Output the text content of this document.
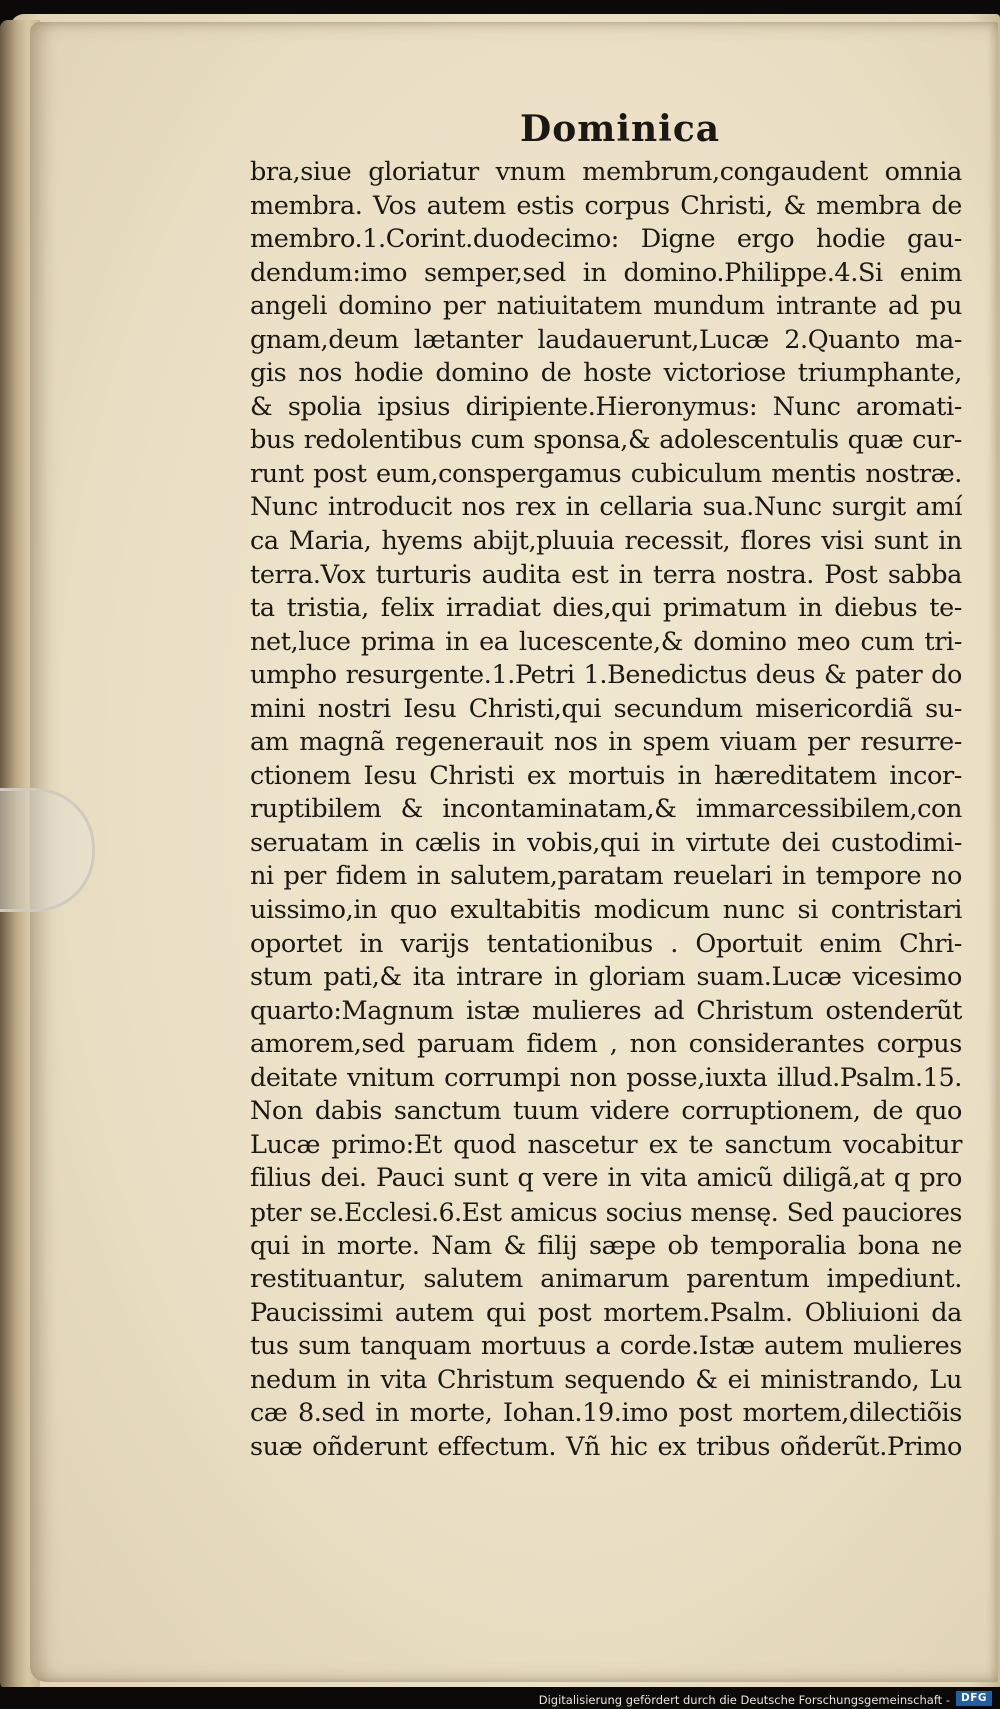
Dominica
bra,siue gloriatur vnum membrum,congaudent omnia
membra. Vos autem estis corpus Christi, & membra de
membro.1.Corint.duodecimo: Digne ergo hodie gau-
dendum:imo semper,sed in domino.Philippe.4.Si enim
angeli domino per natiuitatem mundum intrante ad pu
gnam,deum lætanter laudauerunt,Lucæ 2.Quanto ma-
gis nos hodie domino de hoste victoriose triumphante,
& spolia ipsius diripiente.Hieronymus: Nunc aromati-
bus redolentibus cum sponsa,& adolescentulis quæ cur-
runt post eum,conspergamus cubiculum mentis nostræ.
Nunc introducit nos rex in cellaria sua.Nunc surgit amí
ca Maria, hyems abijt,pluuia recessit, flores visi sunt in
terra.Vox turturis audita est in terra nostra. Post sabba
ta tristia, felix irradiat dies,qui primatum in diebus te-
net,luce prima in ea lucescente,& domino meo cum tri-
umpho resurgente.1.Petri 1.Benedictus deus & pater do
mini nostri Iesu Christi,qui secundum misericordiã su-
am magnã regenerauit nos in spem viuam per resurre-
ctionem Iesu Christi ex mortuis in hæreditatem incor-
ruptibilem & incontaminatam,& immarcessibilem,con
seruatam in cælis in vobis,qui in virtute dei custodimi-
ni per fidem in salutem,paratam reuelari in tempore no
uissimo,in quo exultabitis modicum nunc si contristari
oportet in varijs tentationibus . Oportuit enim Chri-
stum pati,& ita intrare in gloriam suam.Lucæ vicesimo
quarto:Magnum istæ mulieres ad Christum ostenderũt
amorem,sed paruam fidem , non considerantes corpus
deitate vnitum corrumpi non posse,iuxta illud.Psalm.15.
Non dabis sanctum tuum videre corruptionem, de quo
Lucæ primo:Et quod nascetur ex te sanctum vocabitur
filius dei. Pauci sunt q vere in vita amicũ diligã,at q pro
pter se.Ecclesi.6.Est amicus socius mensę. Sed pauciores
qui in morte. Nam & filij sæpe ob temporalia bona ne
restituantur, salutem animarum parentum impediunt.
Paucissimi autem qui post mortem.Psalm. Obliuioni da
tus sum tanquam mortuus a corde.Istæ autem mulieres
nedum in vita Christum sequendo & ei ministrando, Lu
cæ 8.sed in morte, Iohan.19.imo post mortem,dilectiõis
suæ oñderunt effectum. Vñ hic ex tribus oñderũt.Primo
Digitalisierung gefördert durch die Deutsche Forschungsgemeinschaft -	DFG
